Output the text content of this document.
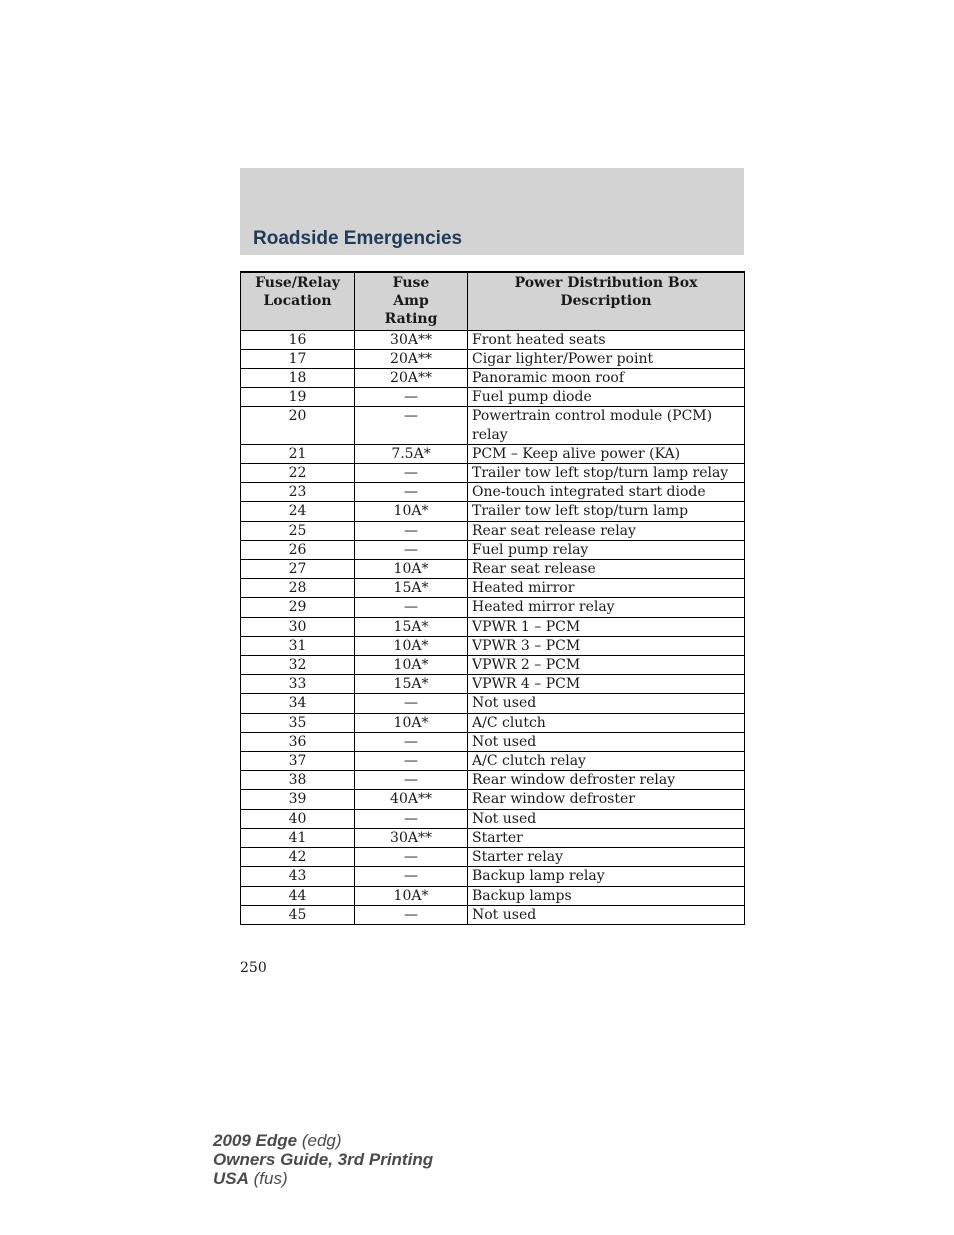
Roadside Emergencies
Fuse/Relay Location	Fuse Amp Rating	Power Distribution Box Description
16	30A**	Front heated seats
17	20A**	Cigar lighter/Power point
18	20A**	Panoramic moon roof
19	—	Fuel pump diode
20	—	Powertrain control module (PCM) relay
21	7.5A*	PCM – Keep alive power (KA)
22	—	Trailer tow left stop/turn lamp relay
23	—	One-touch integrated start diode
24	10A*	Trailer tow left stop/turn lamp
25	—	Rear seat release relay
26	—	Fuel pump relay
27	10A*	Rear seat release
28	15A*	Heated mirror
29	—	Heated mirror relay
30	15A*	VPWR 1 – PCM
31	10A*	VPWR 3 – PCM
32	10A*	VPWR 2 – PCM
33	15A*	VPWR 4 – PCM
34	—	Not used
35	10A*	A/C clutch
36	—	Not used
37	—	A/C clutch relay
38	—	Rear window defroster relay
39	40A**	Rear window defroster
40	—	Not used
41	30A**	Starter
42	—	Starter relay
43	—	Backup lamp relay
44	10A*	Backup lamps
45	—	Not used
250
2009 Edge (edg)
Owners Guide, 3rd Printing
USA (fus)
